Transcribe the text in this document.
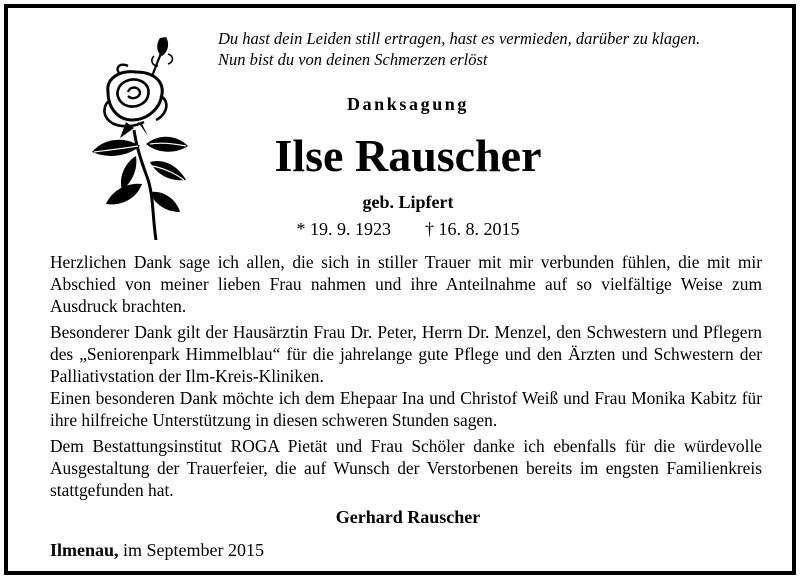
Du hast dein Leiden still ertragen, hast es vermieden, darüber zu klagen.
Nun bist du von deinen Schmerzen erlöst
Danksagung
Ilse Rauscher
geb. Lipfert
* 19. 9. 1923 † 16. 8. 2015

Herzlichen Dank sage ich allen, die sich in stiller Trauer mit mir verbunden fühlen, die mit mir Abschied von meiner lieben Frau nahmen und ihre Anteilnahme auf so vielfältige Weise zum Ausdruck brachten.

Besonderer Dank gilt der Hausärztin Frau Dr. Peter, Herrn Dr. Menzel, den Schwestern und Pflegern des „Seniorenpark Himmelblau“ für die jahrelange gute Pflege und den Ärzten und Schwestern der Palliativstation der Ilm-Kreis-Kliniken.

Einen besonderen Dank möchte ich dem Ehepaar Ina und Christof Weiß und Frau Monika Kabitz für ihre hilfreiche Unterstützung in diesen schweren Stunden sagen.

Dem Bestattungsinstitut ROGA Pietät und Frau Schöler danke ich ebenfalls für die würdevolle Ausgestaltung der Trauerfeier, die auf Wunsch der Verstorbenen bereits im engsten Familienkreis stattgefunden hat.

Gerhard Rauscher
Ilmenau, im September 2015
